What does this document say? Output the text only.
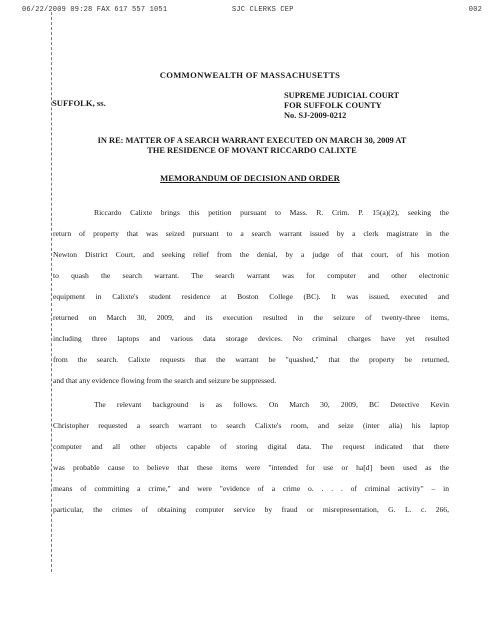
06/22/2009 09:28 FAX 617 557 1051	SJC CLERKS CEP	002
COMMONWEALTH OF MASSACHUSETTS
SUFFOLK, ss.
SUPREME JUDICIAL COURT
FOR SUFFOLK COUNTY
No. SJ-2009-0212
IN RE: MATTER OF A SEARCH WARRANT EXECUTED ON MARCH 30, 2009 AT
THE RESIDENCE OF MOVANT RICCARDO CALIXTE
MEMORANDUM OF DECISION AND ORDER
Riccardo Calixte brings this petition pursuant to Mass. R. Crim. P. 15(a)(2), seeking the
return of property that was seized pursuant to a search warrant issued by a clerk magistrate in the
Newton District Court, and seeking relief from the denial, by a judge of that court, of his motion
to quash the search warrant. The search warrant was for computer and other electronic
equipment in Calixte's student residence at Boston College (BC). It was issued, executed and
returned on March 30, 2009, and its execution resulted in the seizure of twenty-three items,
including three laptops and various data storage devices. No criminal charges have yet resulted
from the search. Calixte requests that the warrant be "quashed," that the property be returned,
and that any evidence flowing from the search and seizure be suppressed.
The relevant background is as follows. On March 30, 2009, BC Detective Kevin
Christopher requested a search warrant to search Calixte's room, and seize (inter alia) his laptop
computer and all other objects capable of storing digital data. The request indicated that there
was probable cause to believe that these items were "intended for use or ha[d] been used as the
means of committing a crime," and were "evidence of a crime o. . . . of criminal activity" – in
particular, the crimes of obtaining computer service by fraud or misrepresentation, G. L. c. 266,
